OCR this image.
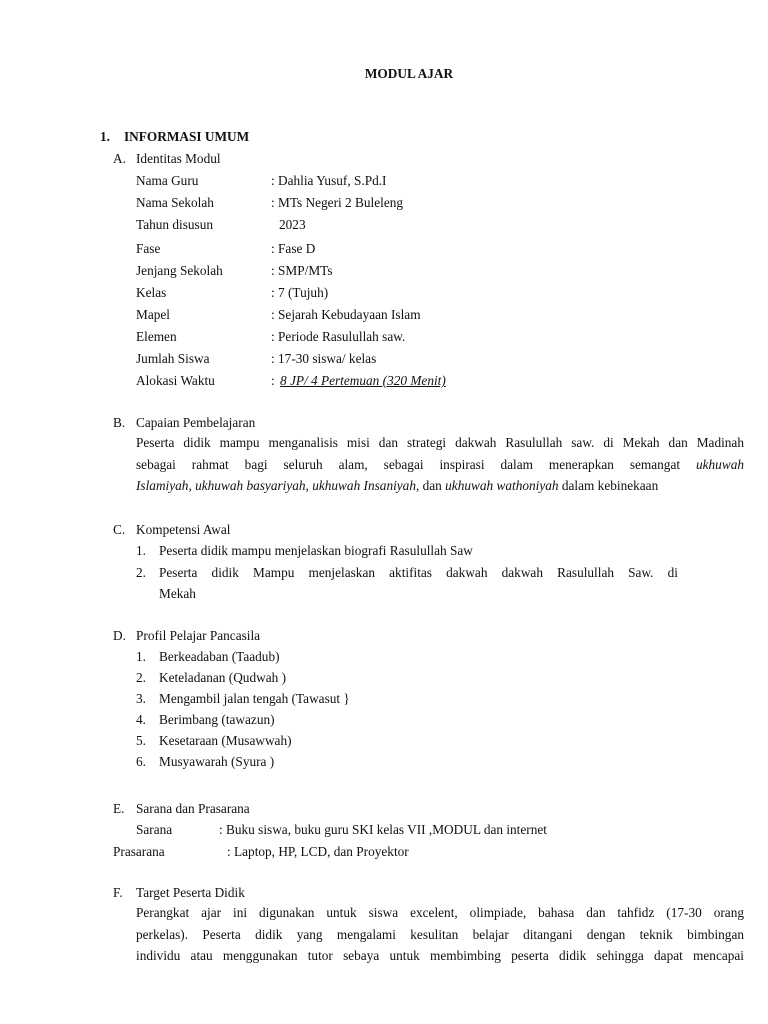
MODUL AJAR
1. INFORMASI UMUM
A. Identitas Modul
Nama Guru	: Dahlia Yusuf, S.Pd.I
Nama Sekolah	: MTs Negeri 2 Buleleng
Tahun disusun	2023
Fase	: Fase D
Jenjang Sekolah	: SMP/MTs
Kelas	: 7 (Tujuh)
Mapel	: Sejarah Kebudayaan Islam
Elemen	: Periode Rasulullah saw.
Jumlah Siswa	: 17-30 siswa/ kelas
Alokasi Waktu	: 8 JP/ 4 Pertemuan (320 Menit)
B. Capaian Pembelajaran
Peserta didik mampu menganalisis misi dan strategi dakwah Rasulullah saw. di Mekah dan Madinah
sebagai rahmat bagi seluruh alam, sebagai inspirasi dalam menerapkan semangat ukhuwah
Islamiyah, ukhuwah basyariyah, ukhuwah Insaniyah, dan ukhuwah wathoniyah dalam kebinekaan
C. Kompetensi Awal
1. Peserta didik mampu menjelaskan biografi Rasulullah Saw
2. Peserta didik Mampu menjelaskan aktifitas dakwah dakwah Rasulullah Saw. di
Mekah
D. Profil Pelajar Pancasila
1. Berkeadaban (Taadub)
2. Keteladanan (Qudwah )
3. Mengambil jalan tengah (Tawasut }
4. Berimbang (tawazun)
5. Kesetaraan (Musawwah)
6. Musyawarah (Syura )
E. Sarana dan Prasarana
Sarana	: Buku siswa, buku guru SKI kelas VII ,MODUL dan internet
Prasarana	: Laptop, HP, LCD, dan Proyektor
F. Target Peserta Didik
Perangkat ajar ini digunakan untuk siswa excelent, olimpiade, bahasa dan tahfidz (17-30 orang
perkelas). Peserta didik yang mengalami kesulitan belajar ditangani dengan teknik bimbingan
individu atau menggunakan tutor sebaya untuk membimbing peserta didik sehingga dapat mencapai
